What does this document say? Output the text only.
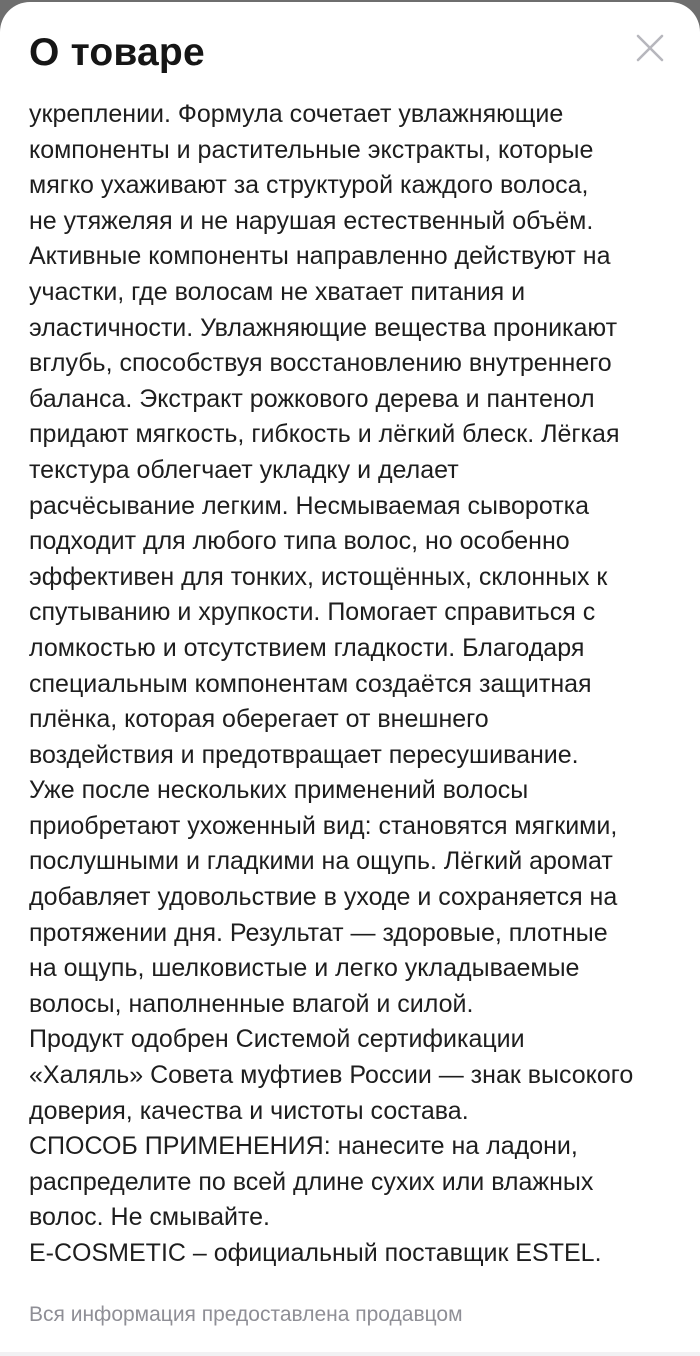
О товаре
укреплении. Формула сочетает увлажняющие
компоненты и растительные экстракты, которые
мягко ухаживают за структурой каждого волоса,
не утяжеляя и не нарушая естественный объём.
Активные компоненты направленно действуют на
участки, где волосам не хватает питания и
эластичности. Увлажняющие вещества проникают
вглубь, способствуя восстановлению внутреннего
баланса. Экстракт рожкового дерева и пантенол
придают мягкость, гибкость и лёгкий блеск. Лёгкая
текстура облегчает укладку и делает
расчёсывание легким. Несмываемая сыворотка
подходит для любого типа волос, но особенно
эффективен для тонких, истощённых, склонных к
спутыванию и хрупкости. Помогает справиться с
ломкостью и отсутствием гладкости. Благодаря
специальным компонентам создаётся защитная
плёнка, которая оберегает от внешнего
воздействия и предотвращает пересушивание.
Уже после нескольких применений волосы
приобретают ухоженный вид: становятся мягкими,
послушными и гладкими на ощупь. Лёгкий аромат
добавляет удовольствие в уходе и сохраняется на
протяжении дня. Результат — здоровые, плотные
на ощупь, шелковистые и легко укладываемые
волосы, наполненные влагой и силой.
Продукт одобрен Системой сертификации
«Халяль» Совета муфтиев России — знак высокого
доверия, качества и чистоты состава.
СПОСОБ ПРИМЕНЕНИЯ: нанесите на ладони,
распределите по всей длине сухих или влажных
волос. Не смывайте.
E-COSMETIC – официальный поставщик ESTEL.
Вся информация предоставлена продавцом
